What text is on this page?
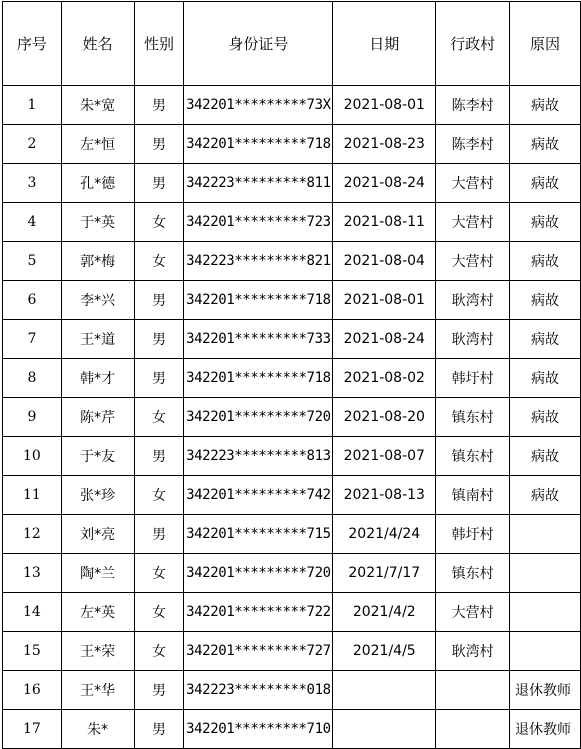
序号	姓名	性别	身份证号	日期	行政村	原因
1	朱*宽	男	342201*********73X	2021-08-01	陈李村	病故
2	左*恒	男	342201*********718	2021-08-23	陈李村	病故
3	孔*德	男	342223*********811	2021-08-24	大营村	病故
4	于*英	女	342201*********723	2021-08-11	大营村	病故
5	郭*梅	女	342223*********821	2021-08-04	大营村	病故
6	李*兴	男	342201*********718	2021-08-01	耿湾村	病故
7	王*道	男	342201*********733	2021-08-24	耿湾村	病故
8	韩*才	男	342201*********718	2021-08-02	韩圩村	病故
9	陈*芹	女	342201*********720	2021-08-20	镇东村	病故
10	于*友	男	342223*********813	2021-08-07	镇东村	病故
11	张*珍	女	342201*********742	2021-08-13	镇南村	病故
12	刘*亮	男	342201*********715	2021/4/24	韩圩村	
13	陶*兰	女	342201*********720	2021/7/17	镇东村	
14	左*英	女	342201*********722	2021/4/2	大营村	
15	王*荣	女	342201*********727	2021/4/5	耿湾村	
16	王*华	男	342223*********018			退休教师
17	朱*	男	342201*********710			退休教师
